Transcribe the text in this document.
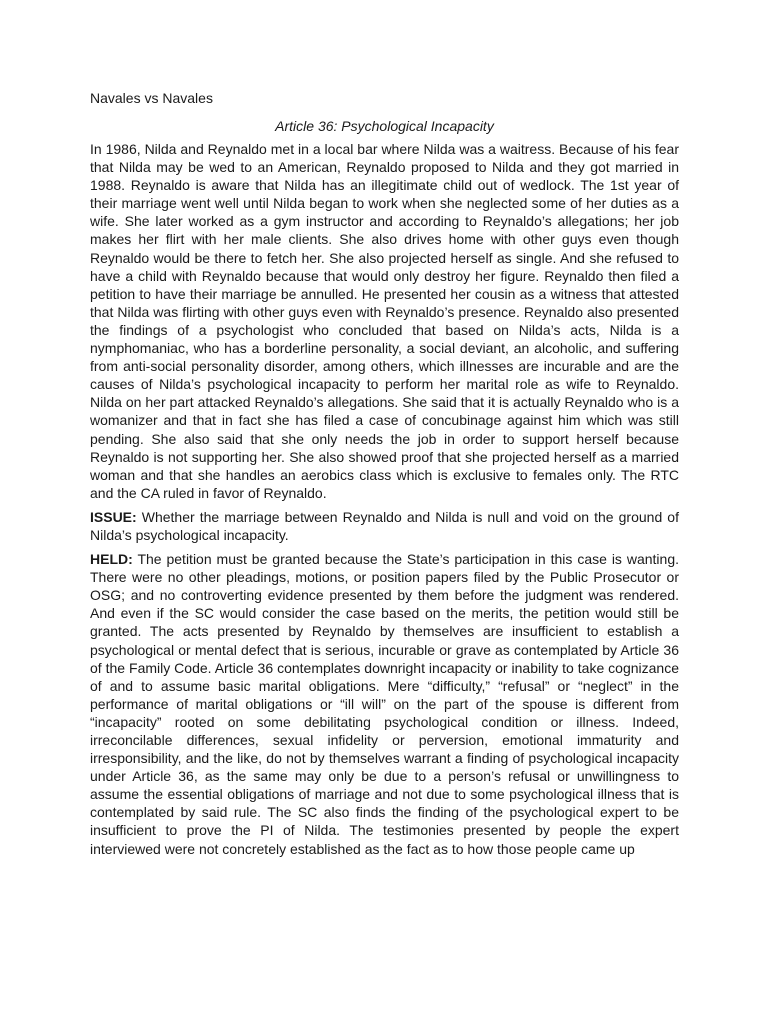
Navales vs Navales
Article 36: Psychological Incapacity

In 1986, Nilda and Reynaldo met in a local bar where Nilda was a waitress. Because of his fear that Nilda may be wed to an American, Reynaldo proposed to Nilda and they got married in 1988. Reynaldo is aware that Nilda has an illegitimate child out of wedlock. The 1st year of their marriage went well until Nilda began to work when she neglected some of her duties as a wife. She later worked as a gym instructor and according to Reynaldo’s allegations; her job makes her flirt with her male clients. She also drives home with other guys even though Reynaldo would be there to fetch her. She also projected herself as single. And she refused to have a child with Reynaldo because that would only destroy her figure. Reynaldo then filed a petition to have their marriage be annulled. He presented her cousin as a witness that attested that Nilda was flirting with other guys even with Reynaldo’s presence. Reynaldo also presented the findings of a psychologist who concluded that based on Nilda’s acts, Nilda is a nymphomaniac, who has a borderline personality, a social deviant, an alcoholic, and suffering from anti-social personality disorder, among others, which illnesses are incurable and are the causes of Nilda’s psychological incapacity to perform her marital role as wife to Reynaldo. Nilda on her part attacked Reynaldo’s allegations. She said that it is actually Reynaldo who is a womanizer and that in fact she has filed a case of concubinage against him which was still pending. She also said that she only needs the job in order to support herself because Reynaldo is not supporting her. She also showed proof that she projected herself as a married woman and that she handles an aerobics class which is exclusive to females only. The RTC and the CA ruled in favor of Reynaldo.

ISSUE: Whether the marriage between Reynaldo and Nilda is null and void on the ground of Nilda’s psychological incapacity.

HELD: The petition must be granted because the State’s participation in this case is wanting. There were no other pleadings, motions, or position papers filed by the Public Prosecutor or OSG; and no controverting evidence presented by them before the judgment was rendered. And even if the SC would consider the case based on the merits, the petition would still be granted. The acts presented by Reynaldo by themselves are insufficient to establish a psychological or mental defect that is serious, incurable or grave as contemplated by Article 36 of the Family Code. Article 36 contemplates downright incapacity or inability to take cognizance of and to assume basic marital obligations. Mere “difficulty,” “refusal” or “neglect” in the performance of marital obligations or “ill will” on the part of the spouse is different from “incapacity” rooted on some debilitating psychological condition or illness. Indeed, irreconcilable differences, sexual infidelity or perversion, emotional immaturity and irresponsibility, and the like, do not by themselves warrant a finding of psychological incapacity under Article 36, as the same may only be due to a person’s refusal or unwillingness to assume the essential obligations of marriage and not due to some psychological illness that is contemplated by said rule. The SC also finds the finding of the psychological expert to be insufficient to prove the PI of Nilda. The testimonies presented by people the expert interviewed were not concretely established as the fact as to how those people came up
